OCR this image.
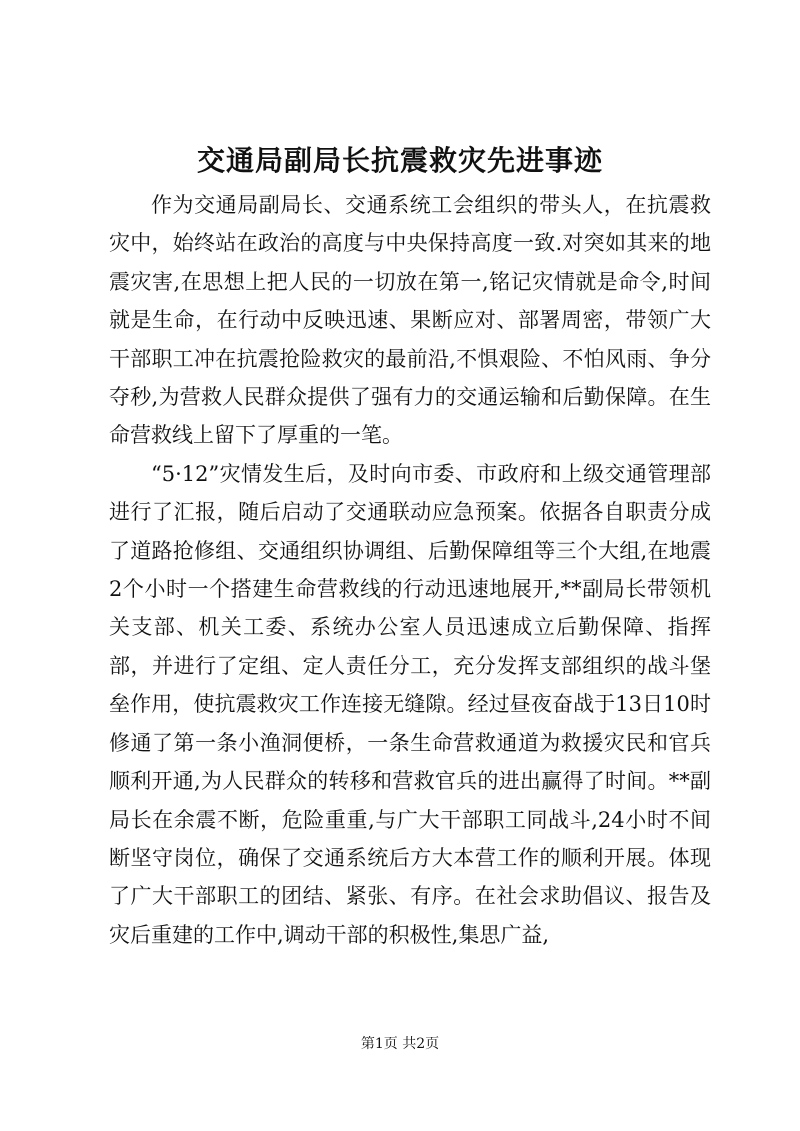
交通局副局长抗震救灾先进事迹

作为交通局副局长、交通系统工会组织的带头人，在抗震救灾中，始终站在政治的高度与中央保持高度一致.对突如其来的地震灾害,在思想上把人民的一切放在第一,铭记灾情就是命令,时间就是生命，在行动中反映迅速、果断应对、部署周密，带领广大干部职工冲在抗震抢险救灾的最前沿,不惧艰险、不怕风雨、争分夺秒,为营救人民群众提供了强有力的交通运输和后勤保障。在生命营救线上留下了厚重的一笔。

“5·12”灾情发生后，及时向市委、市政府和上级交通管理部进行了汇报，随后启动了交通联动应急预案。依据各自职责分成了道路抢修组、交通组织协调组、后勤保障组等三个大组,在地震2个小时一个搭建生命营救线的行动迅速地展开,**副局长带领机关支部、机关工委、系统办公室人员迅速成立后勤保障、指挥部，并进行了定组、定人责任分工，充分发挥支部组织的战斗堡垒作用，使抗震救灾工作连接无缝隙。经过昼夜奋战于13日10时修通了第一条小渔洞便桥，一条生命营救通道为救援灾民和官兵顺利开通,为人民群众的转移和营救官兵的进出赢得了时间。**副局长在余震不断，危险重重,与广大干部职工同战斗,24小时不间断坚守岗位，确保了交通系统后方大本营工作的顺利开展。体现了广大干部职工的团结、紧张、有序。在社会求助倡议、报告及灾后重建的工作中,调动干部的积极性,集思广益,

第1页 共2页
